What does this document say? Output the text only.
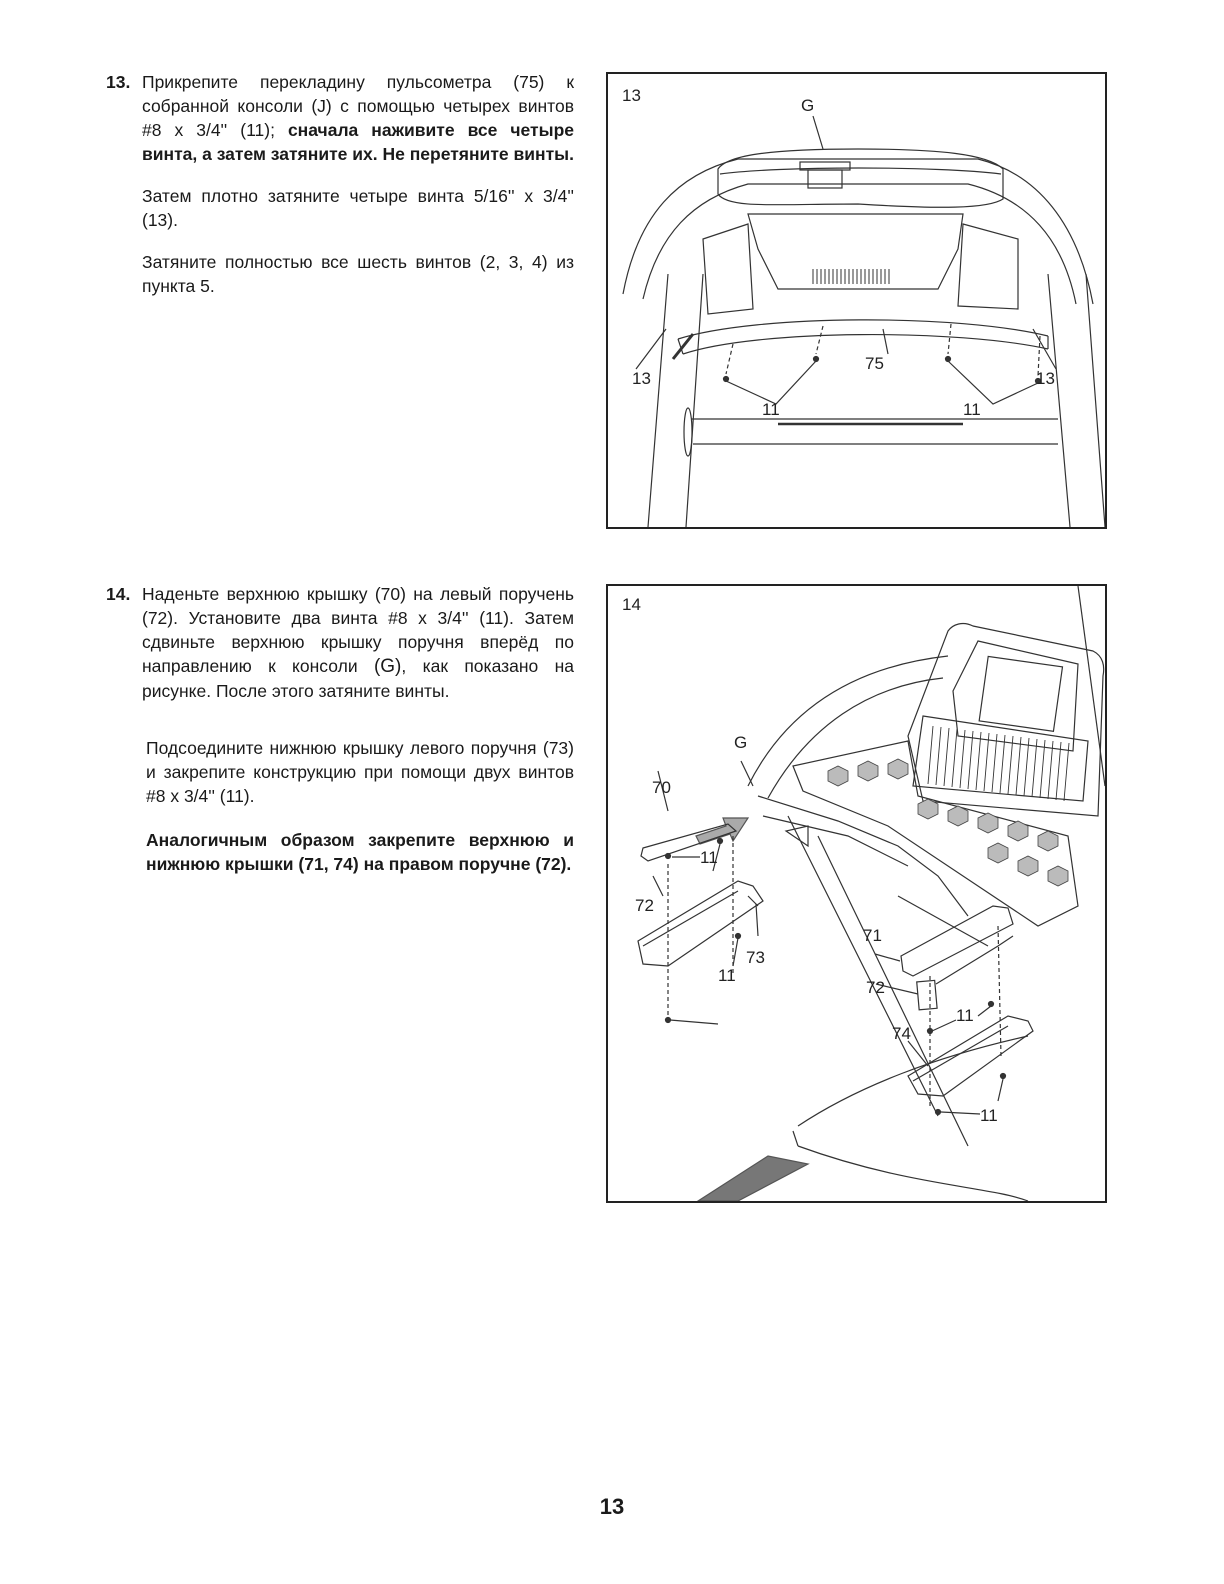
13. Прикрепите перекладину пульсометра (75) к собранной консоли (J) с помощью четырех винтов #8 x 3/4'' (11); сначала наживите все четыре винта, а затем затяните их. Не перетяните винты.

Затем плотно затяните четыре винта 5/16'' x 3/4'' (13).

Затяните полностью все шесть винтов (2, 3, 4) из пункта 5.

13
G
75
13	13
11	11
14. Наденьте верхнюю крышку (70) на левый поручень (72). Установите два винта #8 x 3/4'' (11). Затем сдвиньте верхнюю крышку поручня вперёд по направлению к консоли (G), как показано на рисунке. После этого затяните винты.

Подсоедините нижнюю крышку левого поручня (73) и закрепите конструкцию при помощи двух винтов #8 x 3/4'' (11).

Аналогичным образом закрепите верхнюю и нижнюю крышки (71, 74) на правом поручне (72).

14
G
70
72
11
73
11
71
72
74
11
11
13
